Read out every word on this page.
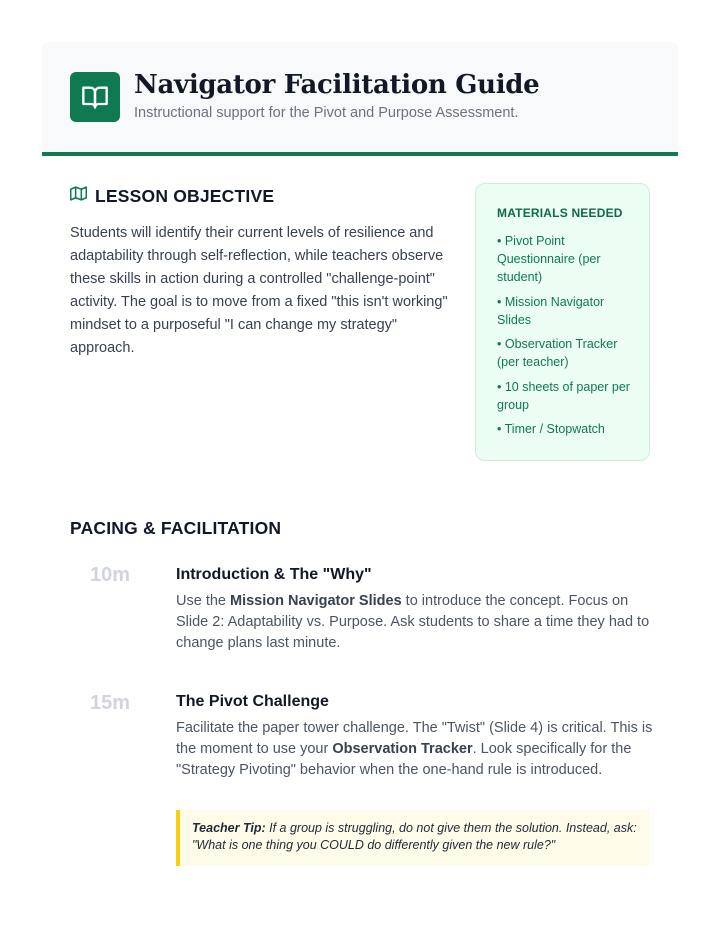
Navigator Facilitation Guide
Instructional support for the Pivot and Purpose Assessment.
LESSON OBJECTIVE

Students will identify their current levels of resilience and adaptability through self-reflection, while teachers observe these skills in action during a controlled "challenge-point" activity. The goal is to move from a fixed "this isn't working" mindset to a purposeful "I can change my strategy" approach.

MATERIALS NEEDED
• Pivot Point Questionnaire (per student)
• Mission Navigator Slides
• Observation Tracker (per teacher)
• 10 sheets of paper per group
• Timer / Stopwatch
PACING & FACILITATION
10m	Introduction & The "Why"

Use the Mission Navigator Slides to introduce the concept. Focus on Slide 2: Adaptability vs. Purpose. Ask students to share a time they had to change plans last minute.

15m	The Pivot Challenge

Facilitate the paper tower challenge. The "Twist" (Slide 4) is critical. This is the moment to use your Observation Tracker. Look specifically for the "Strategy Pivoting" behavior when the one-hand rule is introduced.

Teacher Tip: If a group is struggling, do not give them the solution. Instead, ask: "What is one thing you COULD do differently given the new rule?"
